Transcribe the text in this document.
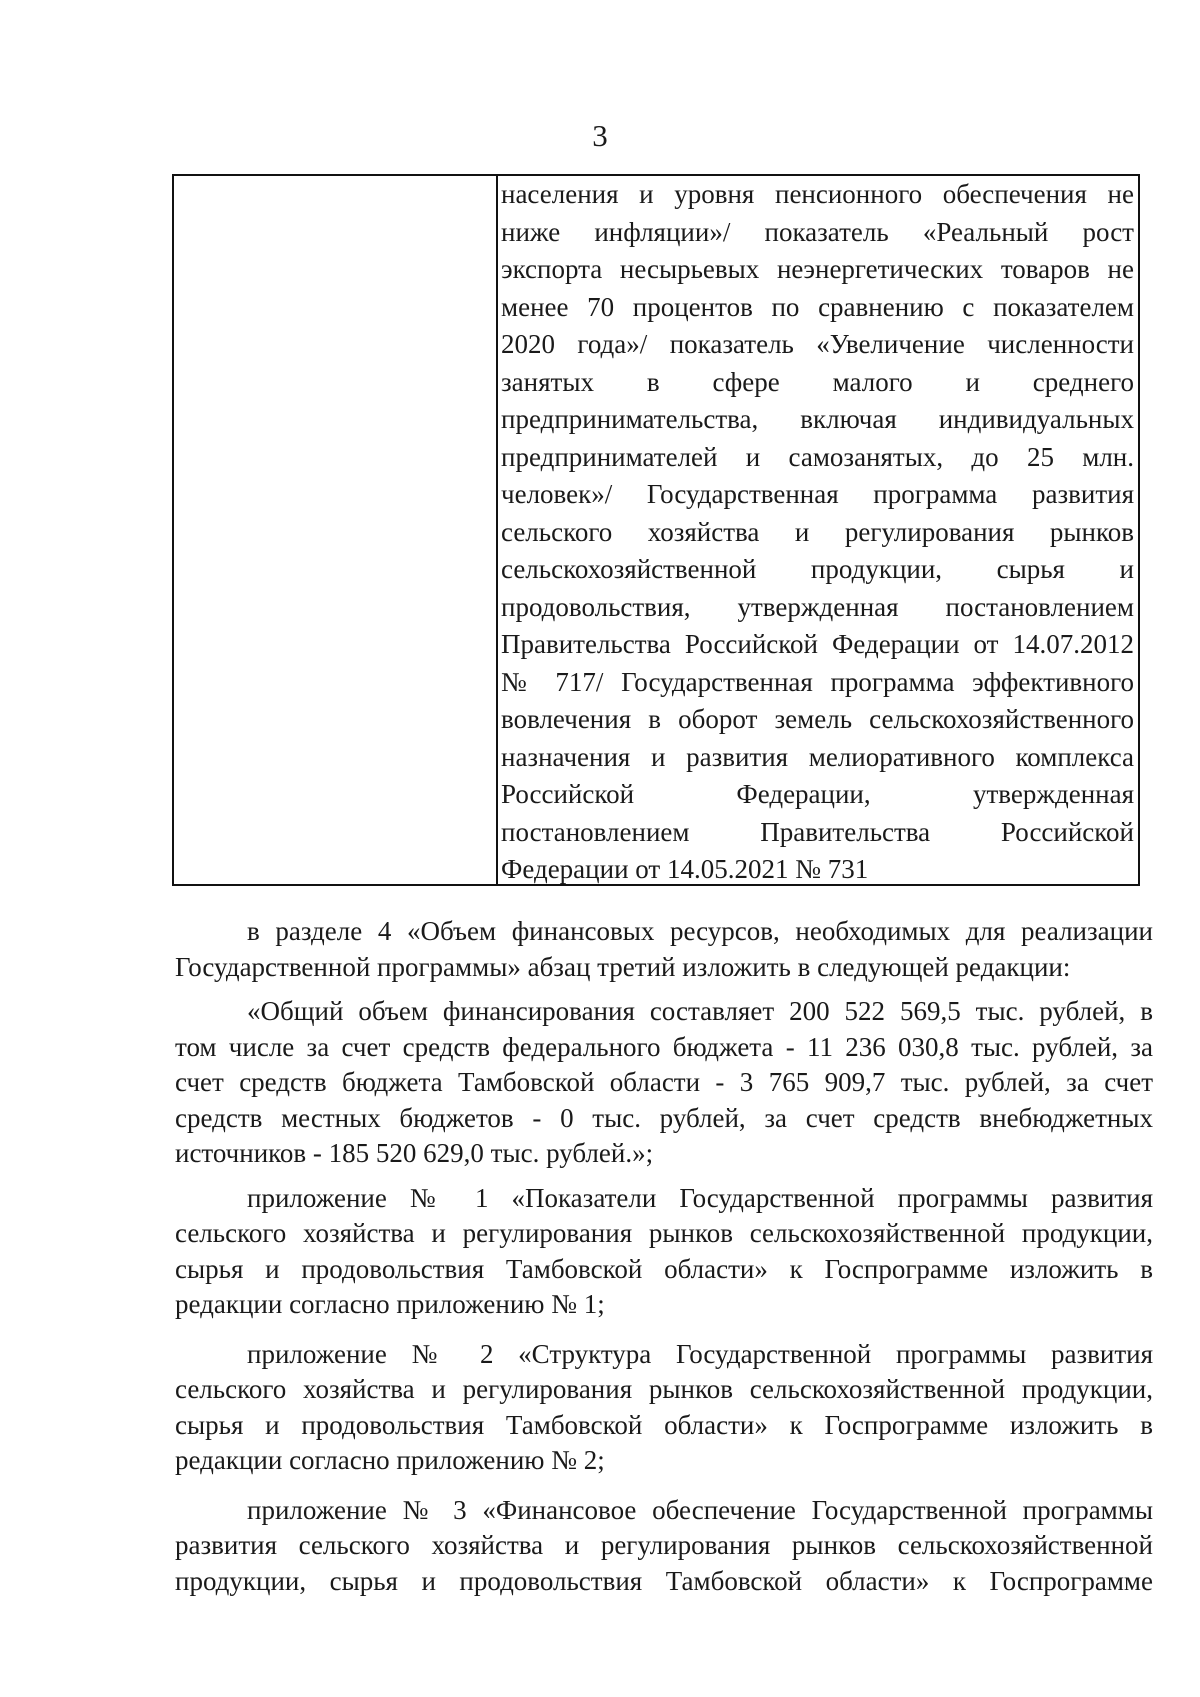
3
населения и уровня пенсионного обеспечения не
ниже инфляции»/ показатель «Реальный рост
экспорта несырьевых неэнергетических товаров не
менее 70 процентов по сравнению с показателем
2020 года»/ показатель «Увеличение численности
занятых в сфере малого и среднего
предпринимательства, включая индивидуальных
предпринимателей и самозанятых, до 25 млн.
человек»/ Государственная программа развития
сельского хозяйства и регулирования рынков
сельскохозяйственной продукции, сырья и
продовольствия, утвержденная постановлением
Правительства Российской Федерации от 14.07.2012
№ 717/ Государственная программа эффективного
вовлечения в оборот земель сельскохозяйственного
назначения и развития мелиоративного комплекса
Российской Федерации, утвержденная
постановлением Правительства Российской
Федерации от 14.05.2021 № 731
в разделе 4 «Объем финансовых ресурсов, необходимых для реализации
Государственной программы» абзац третий изложить в следующей редакции:
«Общий объем финансирования составляет 200 522 569,5 тыс. рублей, в
том числе за счет средств федерального бюджета - 11 236 030,8 тыс. рублей, за
счет средств бюджета Тамбовской области - 3 765 909,7 тыс. рублей, за счет
средств местных бюджетов - 0 тыс. рублей, за счет средств внебюджетных
источников - 185 520 629,0 тыс. рублей.»;
приложение № 1 «Показатели Государственной программы развития
сельского хозяйства и регулирования рынков сельскохозяйственной продукции,
сырья и продовольствия Тамбовской области» к Госпрограмме изложить в
редакции согласно приложению № 1;
приложение № 2 «Структура Государственной программы развития
сельского хозяйства и регулирования рынков сельскохозяйственной продукции,
сырья и продовольствия Тамбовской области» к Госпрограмме изложить в
редакции согласно приложению № 2;
приложение № 3 «Финансовое обеспечение Государственной программы
развития сельского хозяйства и регулирования рынков сельскохозяйственной
продукции, сырья и продовольствия Тамбовской области» к Госпрограмме
